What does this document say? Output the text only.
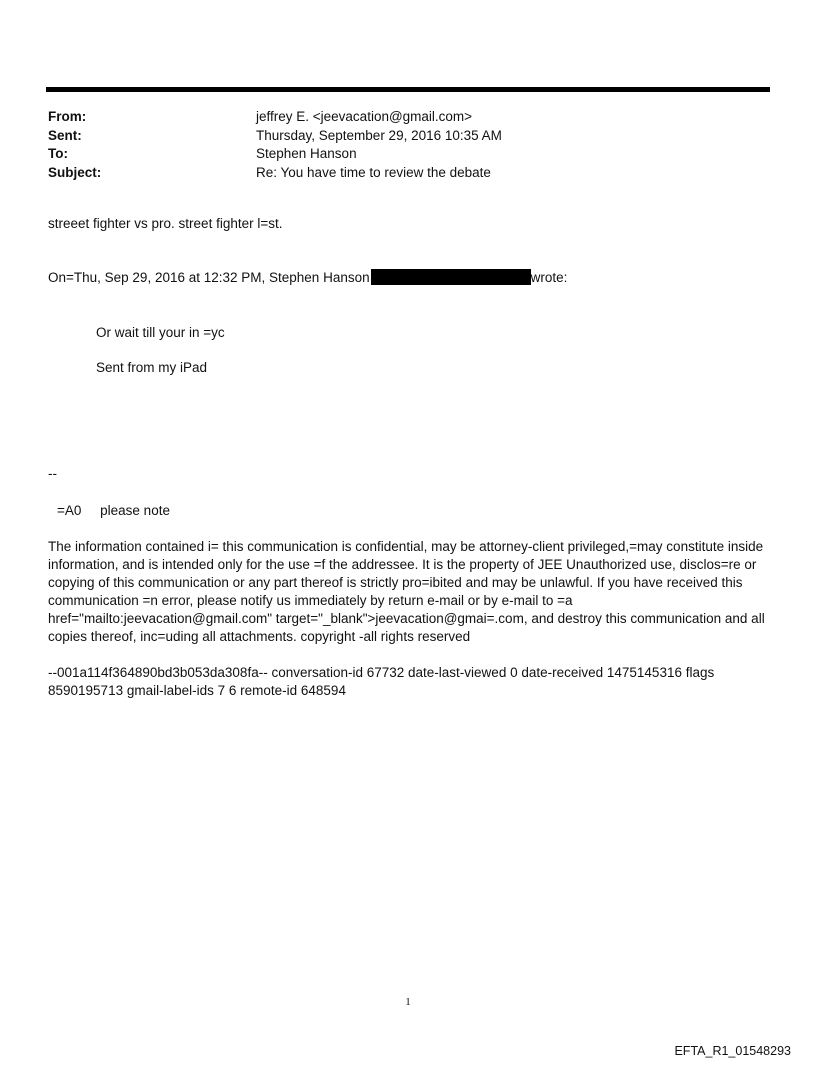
From:	jeffrey E. <jeevacation@gmail.com>
Sent:	Thursday, September 29, 2016 10:35 AM
To:	Stephen Hanson
Subject:	Re: You have time to review the debate
streeet fighter vs pro. street fighter l=st.
On=Thu, Sep 29, 2016 at 12:32 PM, Stephen Hanson	wrote:
Or wait till your in =yc
Sent from my iPad
--
=A0     please note
The information contained i= this communication is confidential, may be attorney-client privileged,=may constitute inside information, and is intended only for the use =f the addressee. It is the property of JEE Unauthorized use, disclos=re or copying of this communication or any part thereof is strictly pro=ibited and may be unlawful. If you have received this communication =n error, please notify us immediately by return e-mail or by e-mail to =a href="mailto:jeevacation@gmail.com" target="_blank">jeevacation@gmai=.com, and destroy this communication and all copies thereof, inc=uding all attachments. copyright -all rights reserved
--001a114f364890bd3b053da308fa-- conversation-id 67732 date-last-viewed 0 date-received 1475145316 flags 8590195713 gmail-label-ids 7 6 remote-id 648594
1
EFTA_R1_01548293
